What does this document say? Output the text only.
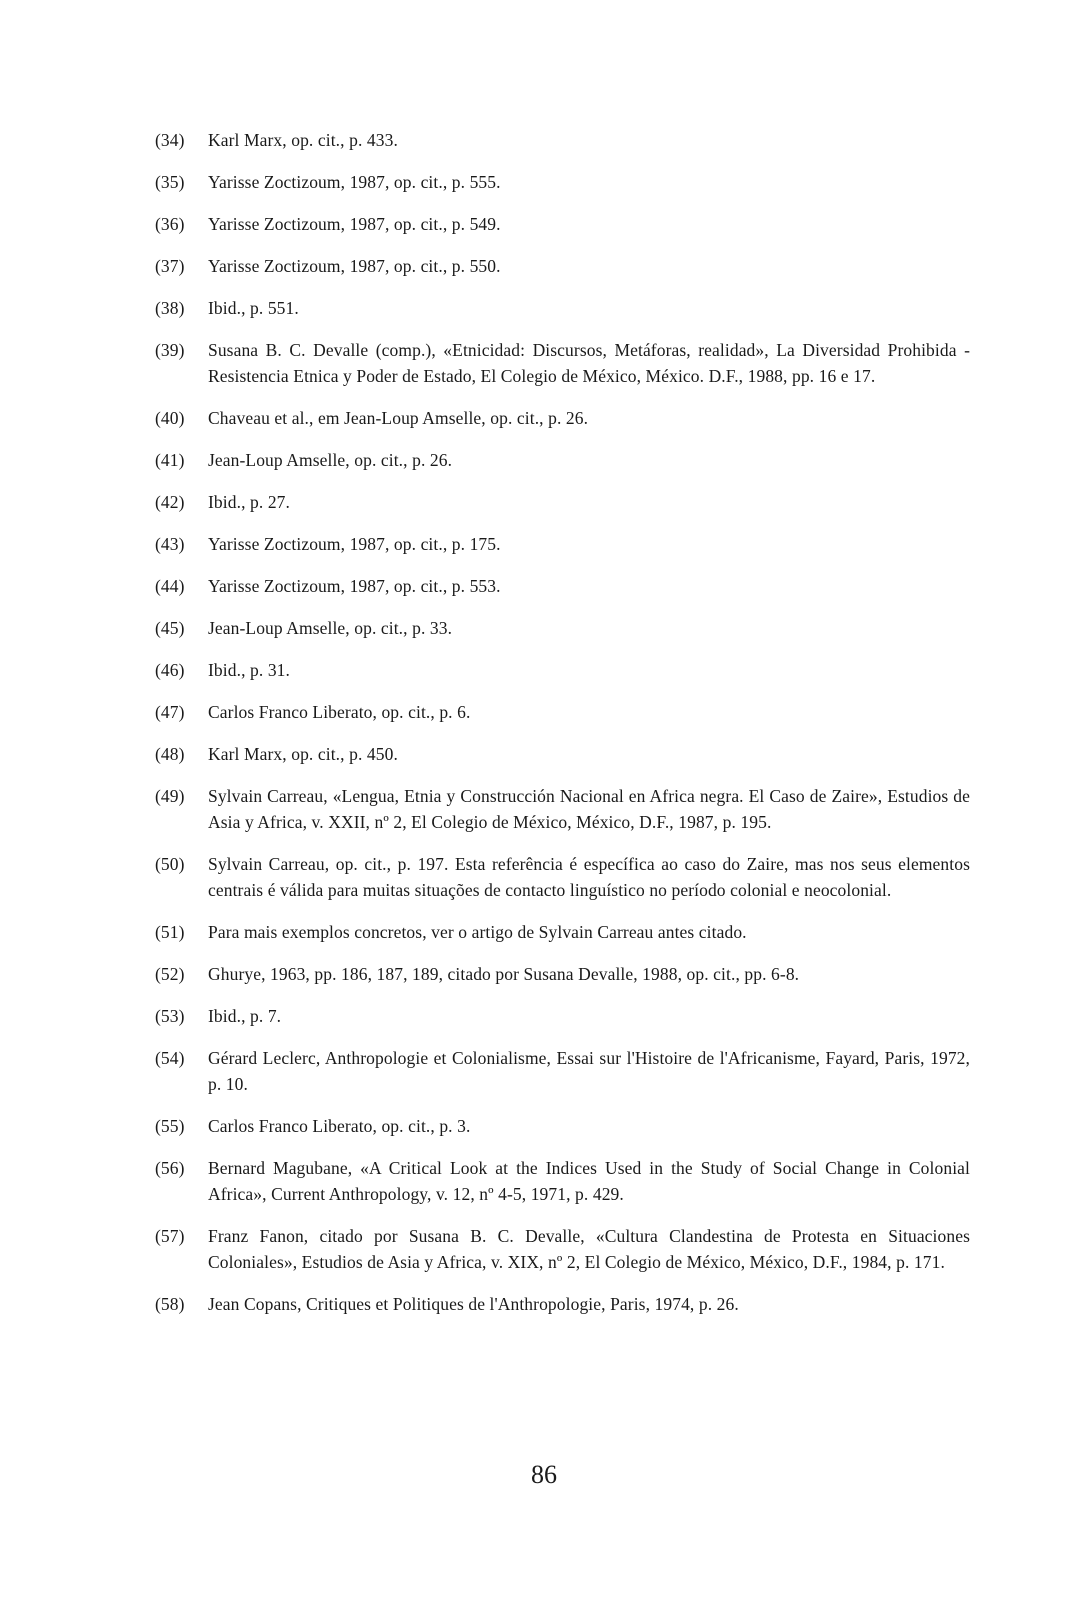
(34)	Karl Marx, op. cit., p. 433.
(35)	Yarisse Zoctizoum, 1987, op. cit., p. 555.
(36)	Yarisse Zoctizoum, 1987, op. cit., p. 549.
(37)	Yarisse Zoctizoum, 1987, op. cit., p. 550.
(38)	Ibid., p. 551.
(39)	Susana B. C. Devalle (comp.), «Etnicidad: Discursos, Metáforas, realidad», La Diversidad Prohibida - Resistencia Etnica y Poder de Estado, El Colegio de México, México. D.F., 1988, pp. 16 e 17.
(40)	Chaveau et al., em Jean-Loup Amselle, op. cit., p. 26.
(41)	Jean-Loup Amselle, op. cit., p. 26.
(42)	Ibid., p. 27.
(43)	Yarisse Zoctizoum, 1987, op. cit., p. 175.
(44)	Yarisse Zoctizoum, 1987, op. cit., p. 553.
(45)	Jean-Loup Amselle, op. cit., p. 33.
(46)	Ibid., p. 31.
(47)	Carlos Franco Liberato, op. cit., p. 6.
(48)	Karl Marx, op. cit., p. 450.
(49)	Sylvain Carreau, «Lengua, Etnia y Construcción Nacional en Africa negra. El Caso de Zaire», Estudios de Asia y Africa, v. XXII, nº 2, El Colegio de México, México, D.F., 1987, p. 195.
(50)	Sylvain Carreau, op. cit., p. 197. Esta referência é específica ao caso do Zaire, mas nos seus elementos centrais é válida para muitas situações de contacto linguístico no período colonial e neocolonial.
(51)	Para mais exemplos concretos, ver o artigo de Sylvain Carreau antes citado.
(52)	Ghurye, 1963, pp. 186, 187, 189, citado por Susana Devalle, 1988, op. cit., pp. 6-8.
(53)	Ibid., p. 7.
(54)	Gérard Leclerc, Anthropologie et Colonialisme, Essai sur l'Histoire de l'Africanisme, Fayard, Paris, 1972, p. 10.
(55)	Carlos Franco Liberato, op. cit., p. 3.
(56)	Bernard Magubane, «A Critical Look at the Indices Used in the Study of Social Change in Colonial Africa», Current Anthropology, v. 12, nº 4-5, 1971, p. 429.
(57)	Franz Fanon, citado por Susana B. C. Devalle, «Cultura Clandestina de Protesta en Situaciones Coloniales», Estudios de Asia y Africa, v. XIX, nº 2, El Colegio de México, México, D.F., 1984, p. 171.
(58)	Jean Copans, Critiques et Politiques de l'Anthropologie, Paris, 1974, p. 26.
86
